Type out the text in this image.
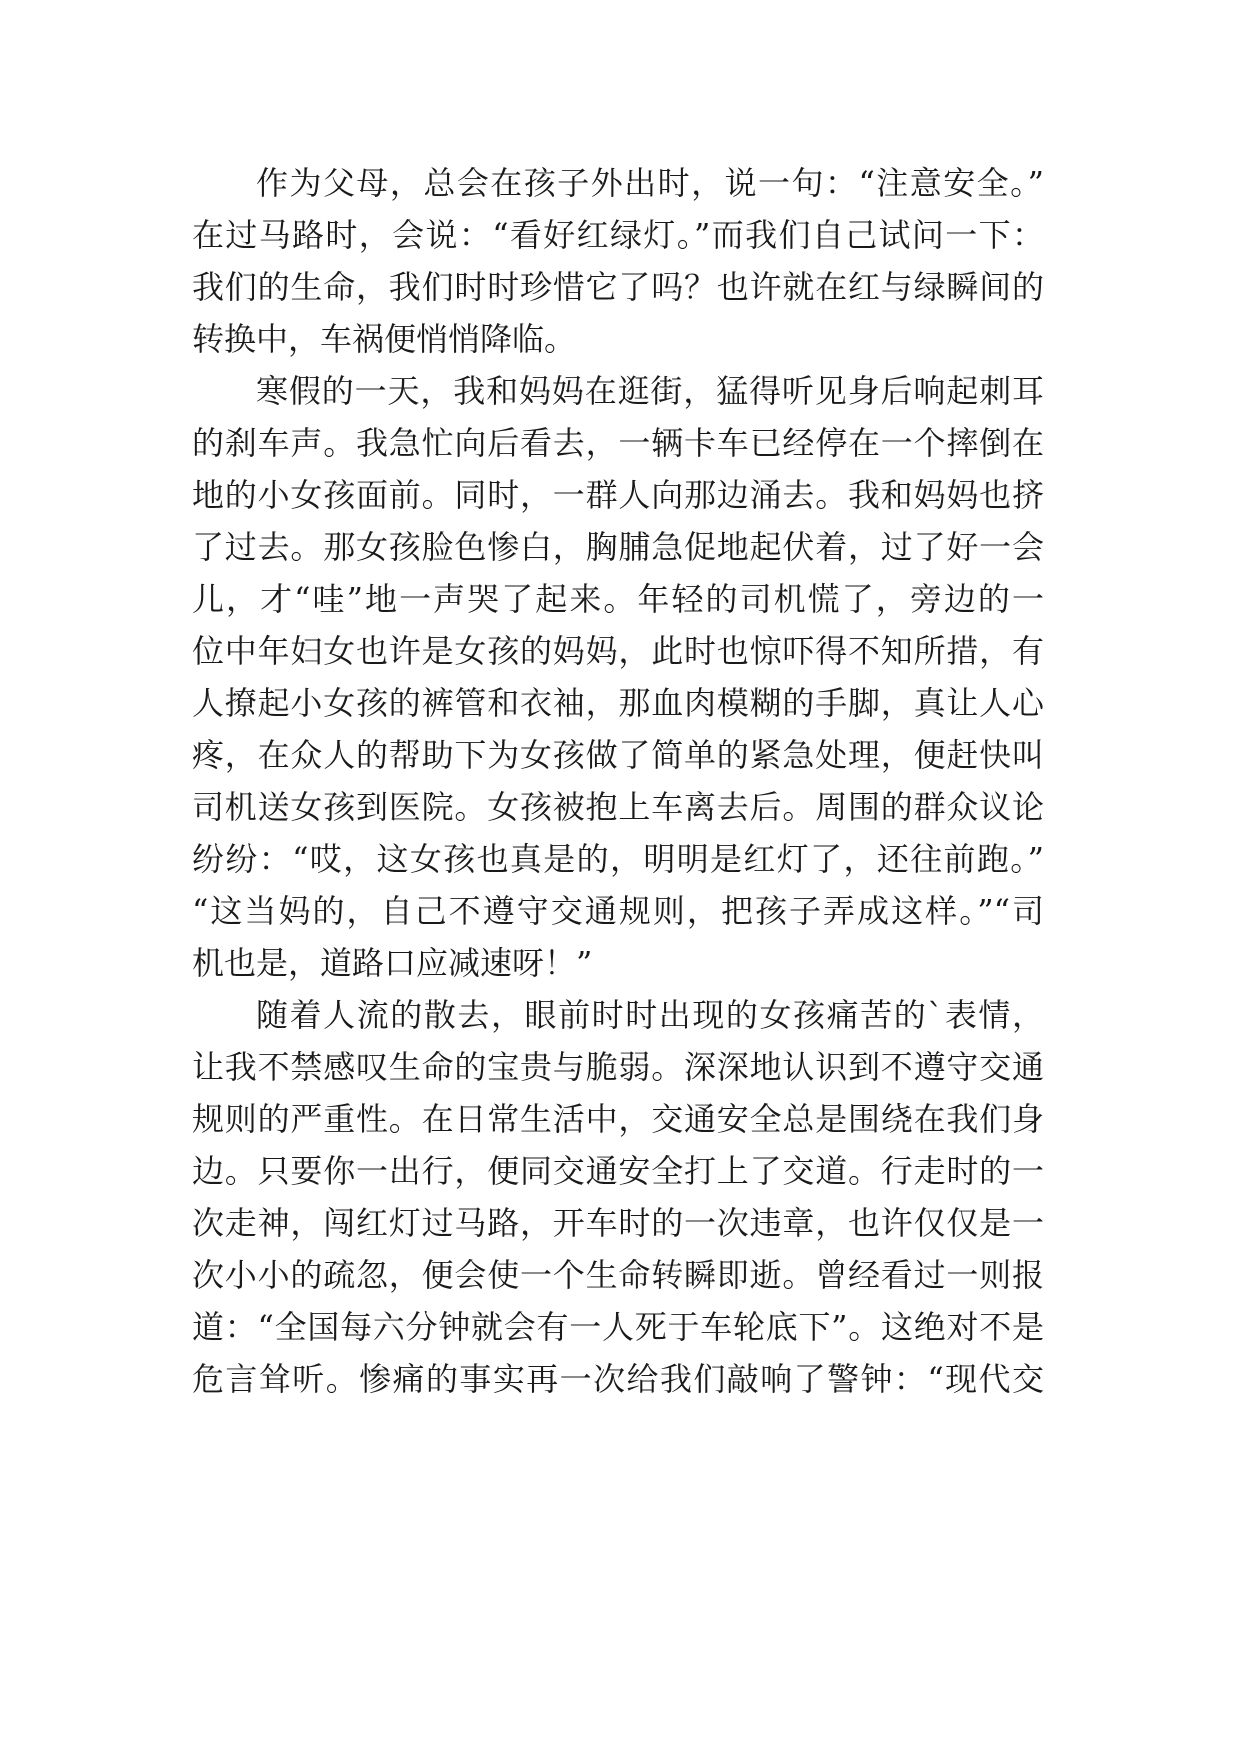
作为父母，总会在孩子外出时，说一句：“注意安全。”
在过马路时，会说：“看好红绿灯。”而我们自己试问一下：
我们的生命，我们时时珍惜它了吗？也许就在红与绿瞬间的
转换中，车祸便悄悄降临。
寒假的一天，我和妈妈在逛街，猛得听见身后响起刺耳
的刹车声。我急忙向后看去，一辆卡车已经停在一个摔倒在
地的小女孩面前。同时，一群人向那边涌去。我和妈妈也挤
了过去。那女孩脸色惨白，胸脯急促地起伏着，过了好一会
儿，才“哇”地一声哭了起来。年轻的司机慌了，旁边的一
位中年妇女也许是女孩的妈妈，此时也惊吓得不知所措，有
人撩起小女孩的裤管和衣袖，那血肉模糊的手脚，真让人心
疼，在众人的帮助下为女孩做了简单的紧急处理，便赶快叫
司机送女孩到医院。女孩被抱上车离去后。周围的群众议论
纷纷：“哎，这女孩也真是的，明明是红灯了，还往前跑。”
“这当妈的，自己不遵守交通规则，把孩子弄成这样。”“司
机也是，道路口应减速呀！”
随着人流的散去，眼前时时出现的女孩痛苦的`表情，
让我不禁感叹生命的宝贵与脆弱。深深地认识到不遵守交通
规则的严重性。在日常生活中，交通安全总是围绕在我们身
边。只要你一出行，便同交通安全打上了交道。行走时的一
次走神，闯红灯过马路，开车时的一次违章，也许仅仅是一
次小小的疏忽，便会使一个生命转瞬即逝。曾经看过一则报
道：“全国每六分钟就会有一人死于车轮底下”。这绝对不是
危言耸听。惨痛的事实再一次给我们敲响了警钟：“现代交
